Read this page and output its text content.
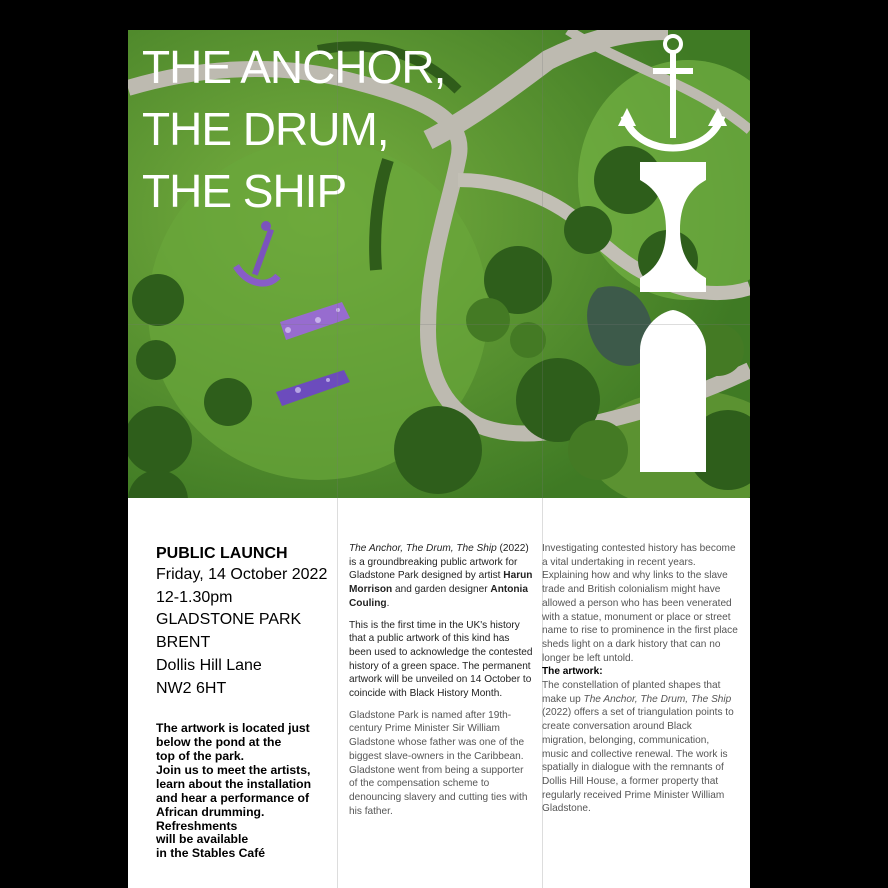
THE ANCHOR,
THE DRUM,
THE SHIP
PUBLIC LAUNCH
Friday, 14 October 2022
12-1.30pm
GLADSTONE PARK
BRENT
Dollis Hill Lane
NW2 6HT
The artwork is located just
below the pond at the
top of the park.
Join us to meet the artists,
learn about the installation
and hear a performance of
African drumming.
Refreshments
will be available
in the Stables Café

The Anchor, The Drum, The Ship (2022) is a groundbreaking public artwork for Gladstone Park designed by artist Harun Morrison and garden designer Antonia Couling.

This is the first time in the UK's history that a public artwork of this kind has been used to acknowledge the contested history of a green space. The permanent artwork will be unveiled on 14 October to coincide with Black History Month.

Gladstone Park is named after 19th-century Prime Minister Sir William Gladstone whose father was one of the biggest slave-owners in the Caribbean. Gladstone went from being a supporter of the compensation scheme to denouncing slavery and cutting ties with his father.

Investigating contested history has become a vital undertaking in recent years. Explaining how and why links to the slave trade and British colonialism might have allowed a person who has been venerated with a statue, monument or place or street name to rise to prominence in the first place sheds light on a dark history that can no longer be left untold.

The artwork:

The constellation of planted shapes that make up The Anchor, The Drum, The Ship (2022) offers a set of triangulation points to create conversation around Black migration, belonging, communication, music and collective renewal. The work is spatially in dialogue with the remnants of Dollis Hill House, a former property that regularly received Prime Minister William Gladstone.
